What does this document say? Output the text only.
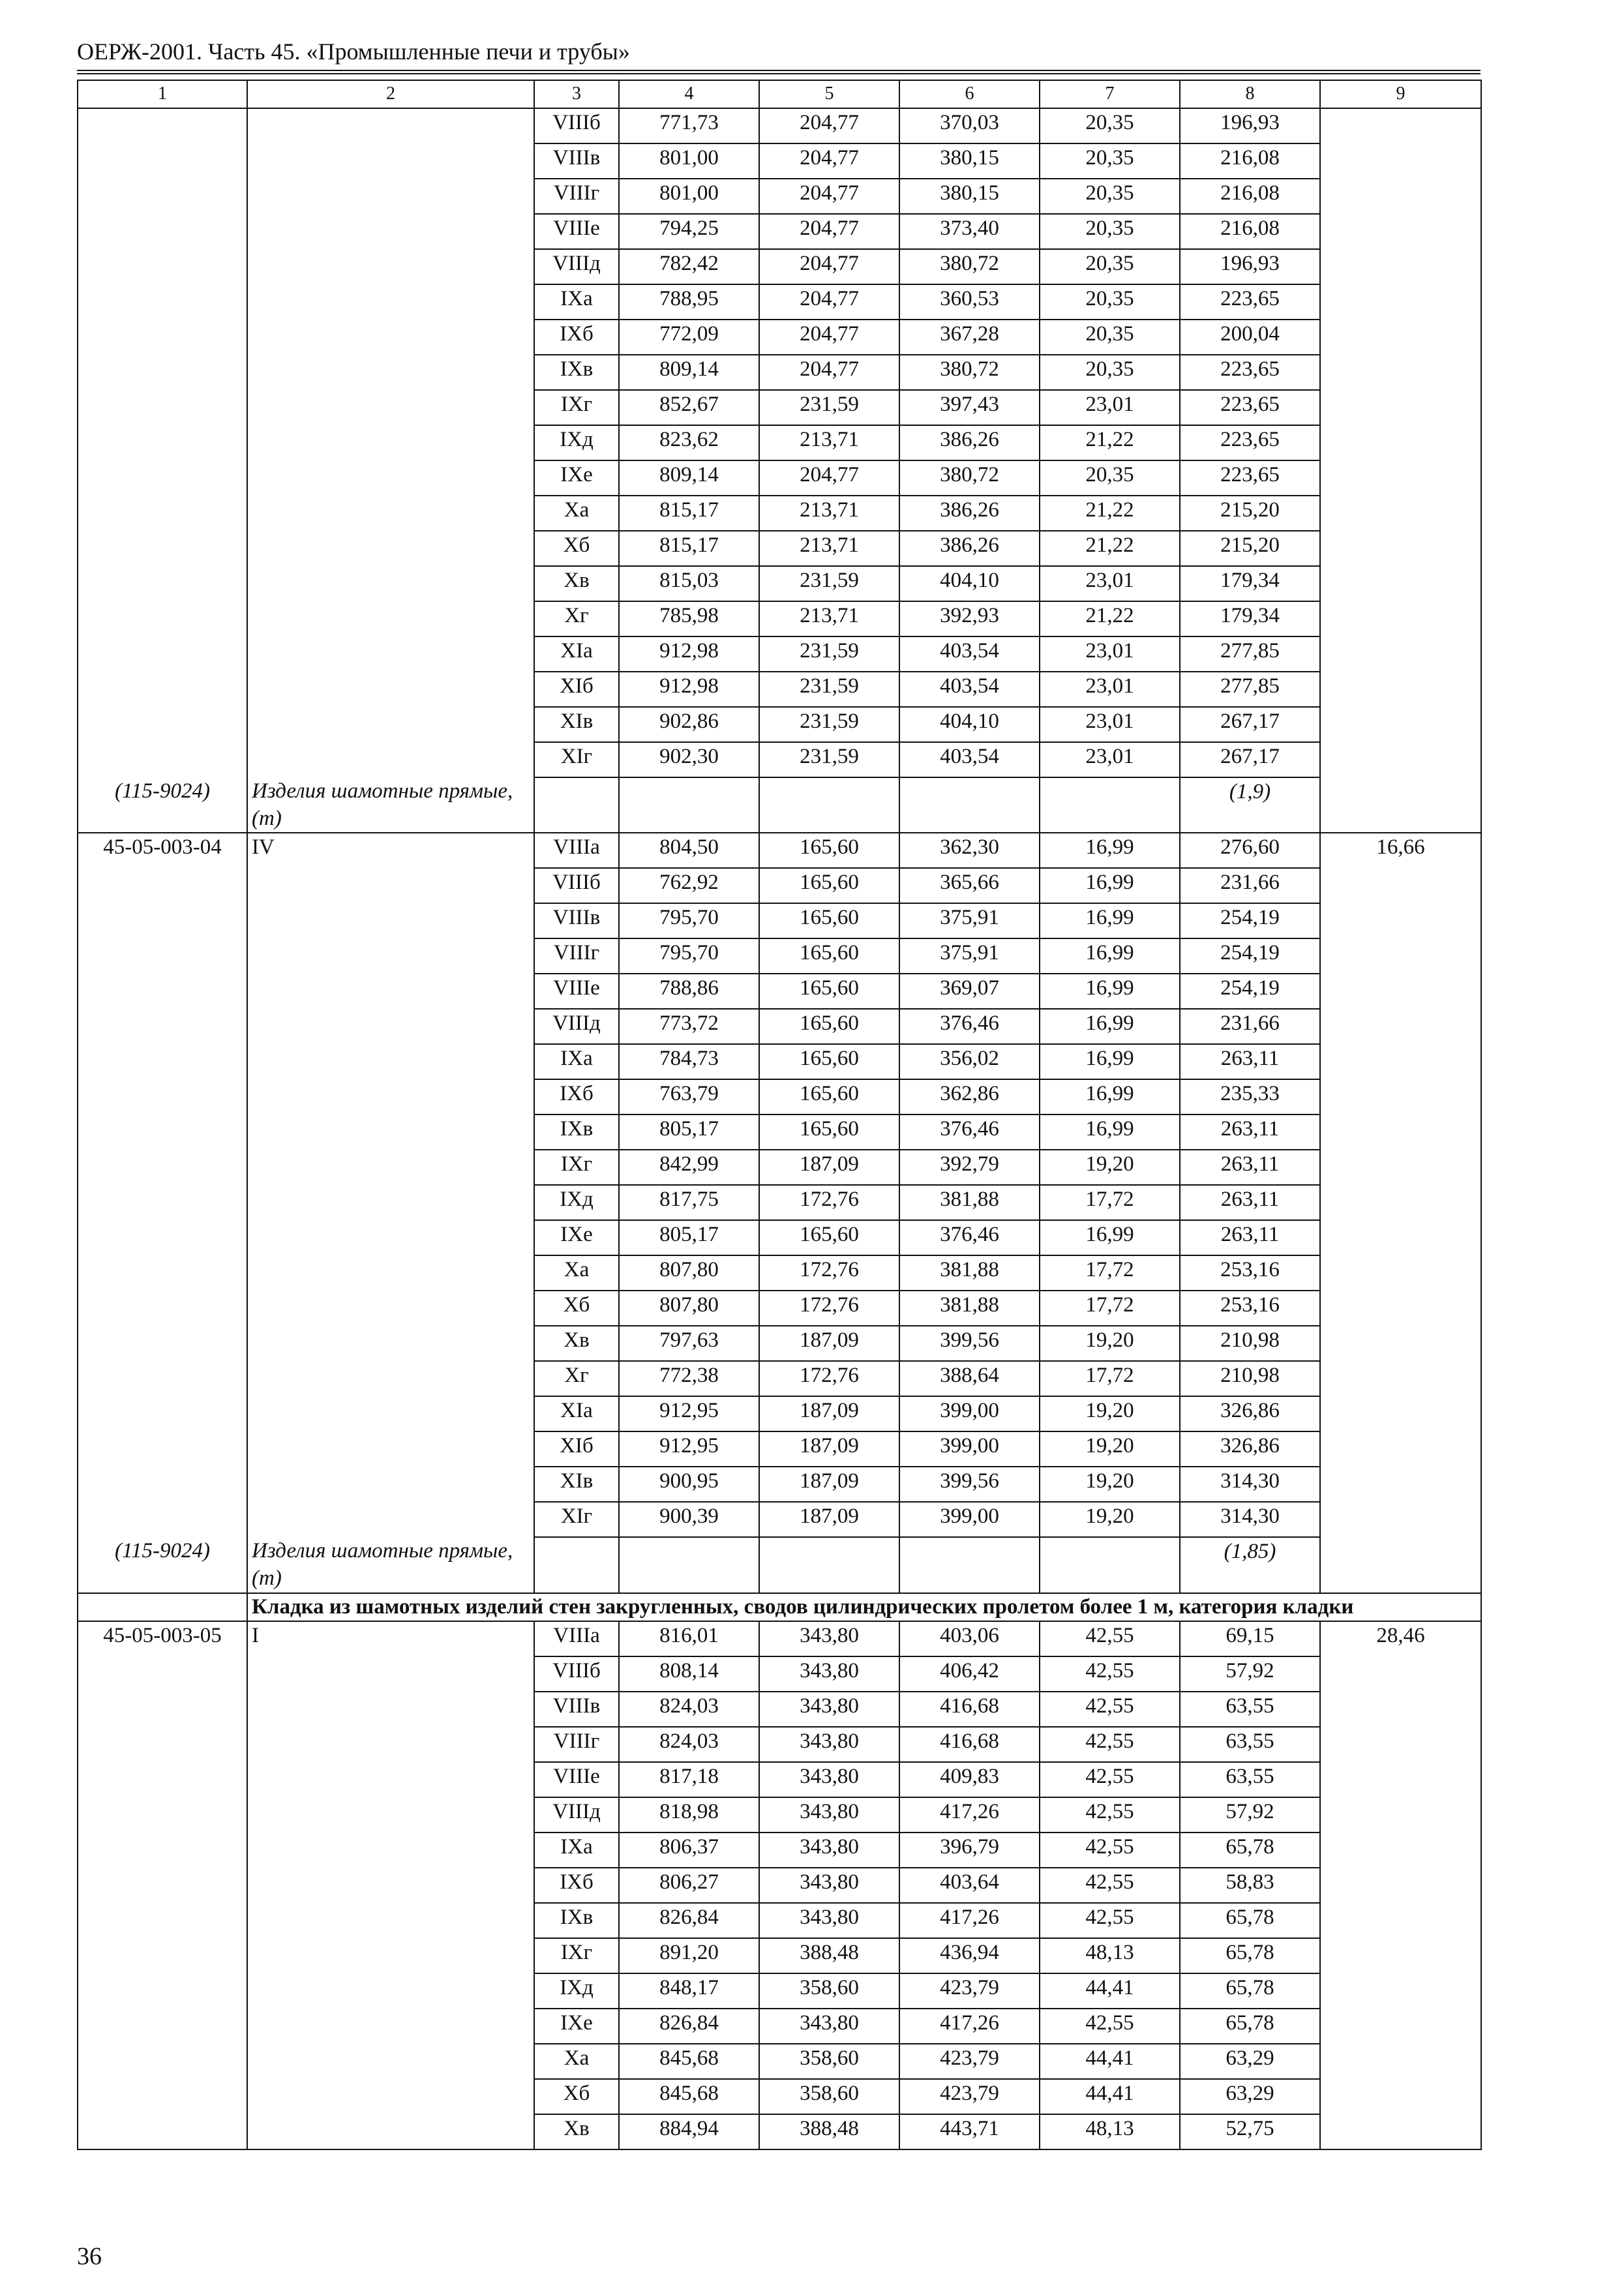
ОЕРЖ-2001. Часть 45. «Промышленные печи и трубы»
1	2	3	4	5	6	7	8	9
		VIIIб	771,73	204,77	370,03	20,35	196,93	
		VIIIв	801,00	204,77	380,15	20,35	216,08	
		VIIIг	801,00	204,77	380,15	20,35	216,08	
		VIIIе	794,25	204,77	373,40	20,35	216,08	
		VIIIд	782,42	204,77	380,72	20,35	196,93	
		IXа	788,95	204,77	360,53	20,35	223,65	
		IXб	772,09	204,77	367,28	20,35	200,04	
		IXв	809,14	204,77	380,72	20,35	223,65	
		IXг	852,67	231,59	397,43	23,01	223,65	
		IXд	823,62	213,71	386,26	21,22	223,65	
		IXе	809,14	204,77	380,72	20,35	223,65	
		Xа	815,17	213,71	386,26	21,22	215,20	
		Xб	815,17	213,71	386,26	21,22	215,20	
		Xв	815,03	231,59	404,10	23,01	179,34	
		Xг	785,98	213,71	392,93	21,22	179,34	
		XIа	912,98	231,59	403,54	23,01	277,85	
		XIб	912,98	231,59	403,54	23,01	277,85	
		XIв	902,86	231,59	404,10	23,01	267,17	
		XIг	902,30	231,59	403,54	23,01	267,17	
(115-9024)	Изделия шамотные прямые, (т)						(1,9)	
45-05-003-04	IV	VIIIа	804,50	165,60	362,30	16,99	276,60	16,66
		VIIIб	762,92	165,60	365,66	16,99	231,66	
		VIIIв	795,70	165,60	375,91	16,99	254,19	
		VIIIг	795,70	165,60	375,91	16,99	254,19	
		VIIIе	788,86	165,60	369,07	16,99	254,19	
		VIIIд	773,72	165,60	376,46	16,99	231,66	
		IXа	784,73	165,60	356,02	16,99	263,11	
		IXб	763,79	165,60	362,86	16,99	235,33	
		IXв	805,17	165,60	376,46	16,99	263,11	
		IXг	842,99	187,09	392,79	19,20	263,11	
		IXд	817,75	172,76	381,88	17,72	263,11	
		IXе	805,17	165,60	376,46	16,99	263,11	
		Xа	807,80	172,76	381,88	17,72	253,16	
		Xб	807,80	172,76	381,88	17,72	253,16	
		Xв	797,63	187,09	399,56	19,20	210,98	
		Xг	772,38	172,76	388,64	17,72	210,98	
		XIа	912,95	187,09	399,00	19,20	326,86	
		XIб	912,95	187,09	399,00	19,20	326,86	
		XIв	900,95	187,09	399,56	19,20	314,30	
		XIг	900,39	187,09	399,00	19,20	314,30	
(115-9024)	Изделия шамотные прямые, (т)						(1,85)	
	Кладка из шамотных изделий стен закругленных, сводов цилиндрических пролетом более 1 м, категория кладки							
45-05-003-05	I	VIIIа	816,01	343,80	403,06	42,55	69,15	28,46
		VIIIб	808,14	343,80	406,42	42,55	57,92	
		VIIIв	824,03	343,80	416,68	42,55	63,55	
		VIIIг	824,03	343,80	416,68	42,55	63,55	
		VIIIе	817,18	343,80	409,83	42,55	63,55	
		VIIIд	818,98	343,80	417,26	42,55	57,92	
		IXа	806,37	343,80	396,79	42,55	65,78	
		IXб	806,27	343,80	403,64	42,55	58,83	
		IXв	826,84	343,80	417,26	42,55	65,78	
		IXг	891,20	388,48	436,94	48,13	65,78	
		IXд	848,17	358,60	423,79	44,41	65,78	
		IXе	826,84	343,80	417,26	42,55	65,78	
		Xа	845,68	358,60	423,79	44,41	63,29	
		Xб	845,68	358,60	423,79	44,41	63,29	
		Xв	884,94	388,48	443,71	48,13	52,75	
36
